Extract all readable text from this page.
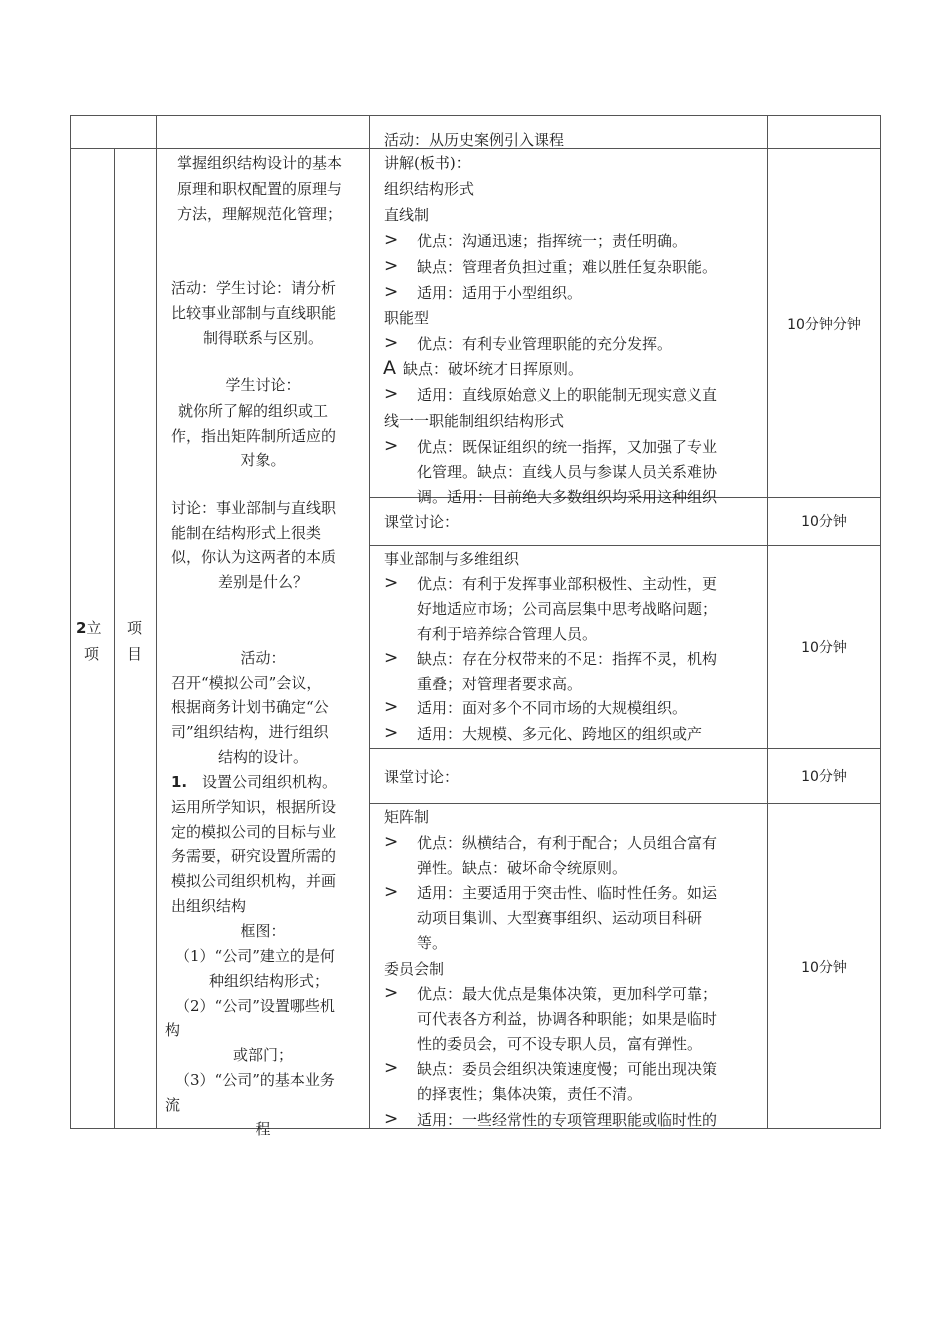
活动：从历史案例引入课程
2立
项
项
目
掌握组织结构设计的基本
原理和职权配置的原理与
方法，理解规范化管理；
活动：学生讨论：请分析
比较事业部制与直线职能
制得联系与区别。
学生讨论：
就你所了解的组织或工
作，指出矩阵制所适应的
对象。
讨论：事业部制与直线职
能制在结构形式上很类
似，你认为这两者的本质
差别是什么？
活动：
召开“模拟公司”会议，
根据商务计划书确定“公
司”组织结构，进行组织
结构的设计。
1. 设置公司组织机构。
运用所学知识，根据所设
定的模拟公司的目标与业
务需要，研究设置所需的
模拟公司组织机构，并画
出组织结构
框图：
（1）“公司”建立的是何
种组织结构形式；
（2）“公司”设置哪些机
构
或部门；
（3）“公司”的基本业务
流
程
讲解(板书)：
组织结构形式
直线制
> 优点：沟通迅速；指挥统一；责任明确。
> 缺点：管理者负担过重；难以胜任复杂职能。
> 适用：适用于小型组织。
职能型
> 优点：有利专业管理职能的充分发挥。
A 缺点：破坏统才日挥原则。
> 适用：直线原始意义上的职能制无现实意义直
线一一职能制组织结构形式
> 优点：既保证组织的统一指挥，又加强了专业
化管理。缺点：直线人员与参谋人员关系难协
调。适用：目前绝大多数组织均采用这种组织
10分钟分钟
课堂讨论：	10分钟
事业部制与多维组织
> 优点：有利于发挥事业部积极性、主动性，更
好地适应市场；公司高层集中思考战略问题；
有利于培养综合管理人员。
> 缺点：存在分权带来的不足：指挥不灵，机构
重叠；对管理者要求高。
> 适用：面对多个不同市场的大规模组织。
> 适用：大规模、多元化、跨地区的组织或产
10分钟
课堂讨论：	10分钟
矩阵制
> 优点：纵横结合，有利于配合；人员组合富有
弹性。缺点：破坏命令统原则。
> 适用：主要适用于突击性、临时性任务。如运
动项目集训、大型赛事组织、运动项目科研
等。
委员会制
> 优点：最大优点是集体决策，更加科学可靠；
可代表各方利益，协调各种职能；如果是临时
性的委员会，可不设专职人员，富有弹性。
> 缺点：委员会组织决策速度慢；可能出现决策
的择衷性；集体决策，责任不清。
> 适用：一些经常性的专项管理职能或临时性的
10分钟
